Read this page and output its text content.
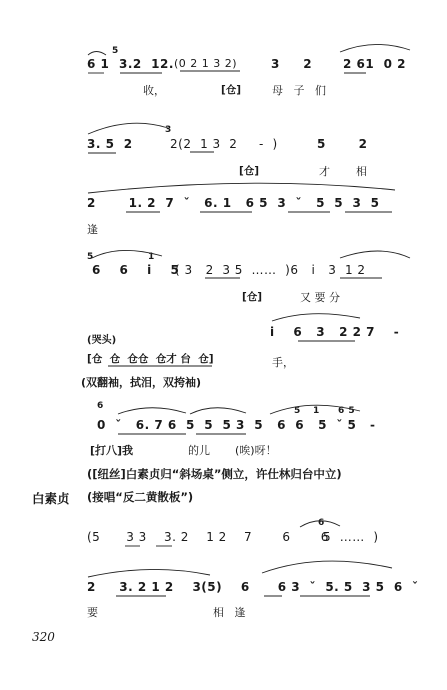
6 1
5
3.2  12. (0 2 1 3 2)	3     2	2 61  0 2
收，	[仓]	母   子   们
3. 5  2
3
2(2  1 3  2     -  )	5       2
[仓]	才 相
2       1. 2  7  ˇ   6. 1   6 5  3  ˇ   5  5  3  5
逢
5
6    6    i    5
1
( 3   2  3 5  ……  )6   i   3  1 2
[仓]	又 要 分
(哭头)
i    6   3   2 2 7    -
[仓  仓  仓仓  仓才 台  仓]	手，
(双翻袖，拭泪，双挎袖)
6
0  ˇ   6. 7 6  5  5  5 3  5   6  6   5  ˇ 5
5 1 6 5
-
[打八]我	的儿 (唉)呀！
([纽丝]白素贞归“斜场桌”侧立，许仕林归台中立)
白素贞 (接唱“反二黄散板”)
(5      3 3    3. 2    1 2    7       6       6
6
5  ……  )
2     3. 2 1 2    3(5)    6      6 3  ˇ  5. 5  3 5  6  ˇ
要	相   逢
320
